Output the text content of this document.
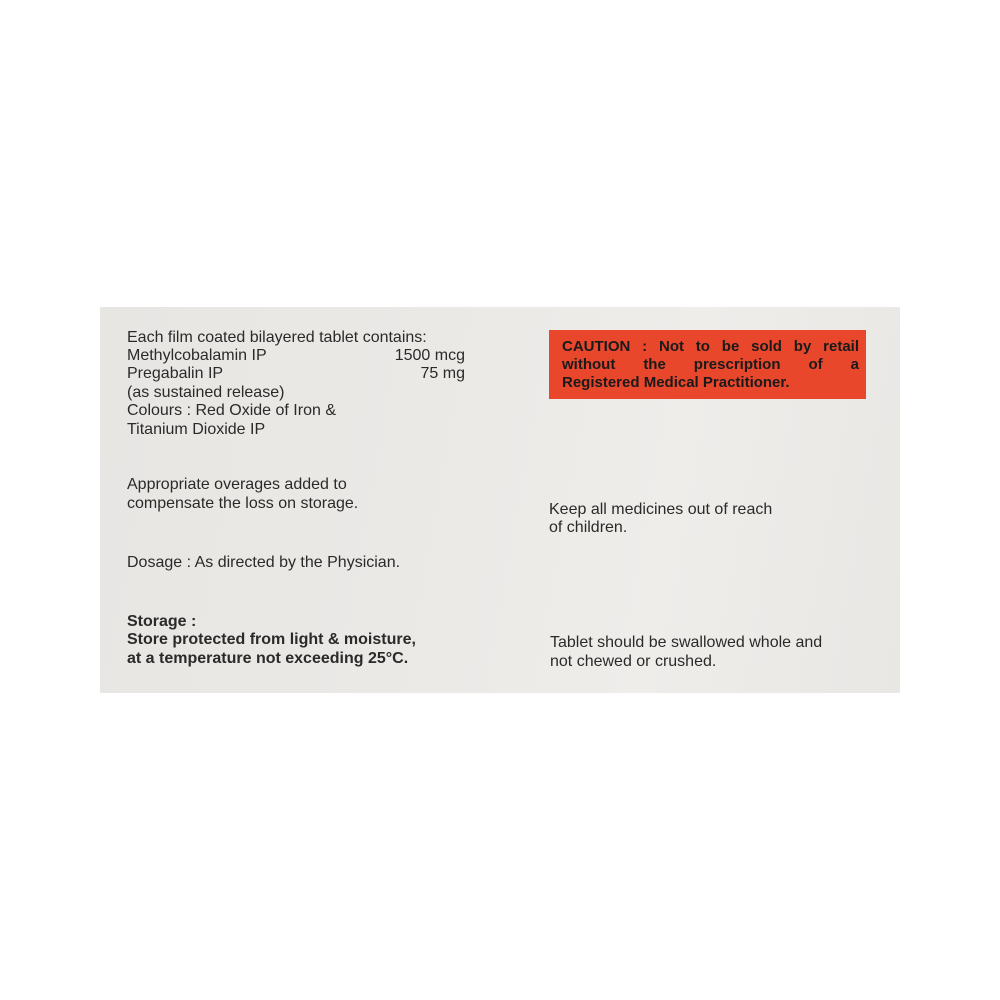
Each film coated bilayered tablet contains:
Methylcobalamin IP	1500 mcg
Pregabalin IP	75 mg
(as sustained release)
Colours : Red Oxide of Iron &
Titanium Dioxide IP
Appropriate overages added to
compensate the loss on storage.
Dosage : As directed by the Physician.
Storage :
Store protected from light & moisture,
at a temperature not exceeding 25°C.
CAUTION : Not to be sold by retail
without the prescription of a
Registered Medical Practitioner.
Keep all medicines out of reach
of children.
Tablet should be swallowed whole and
not chewed or crushed.
